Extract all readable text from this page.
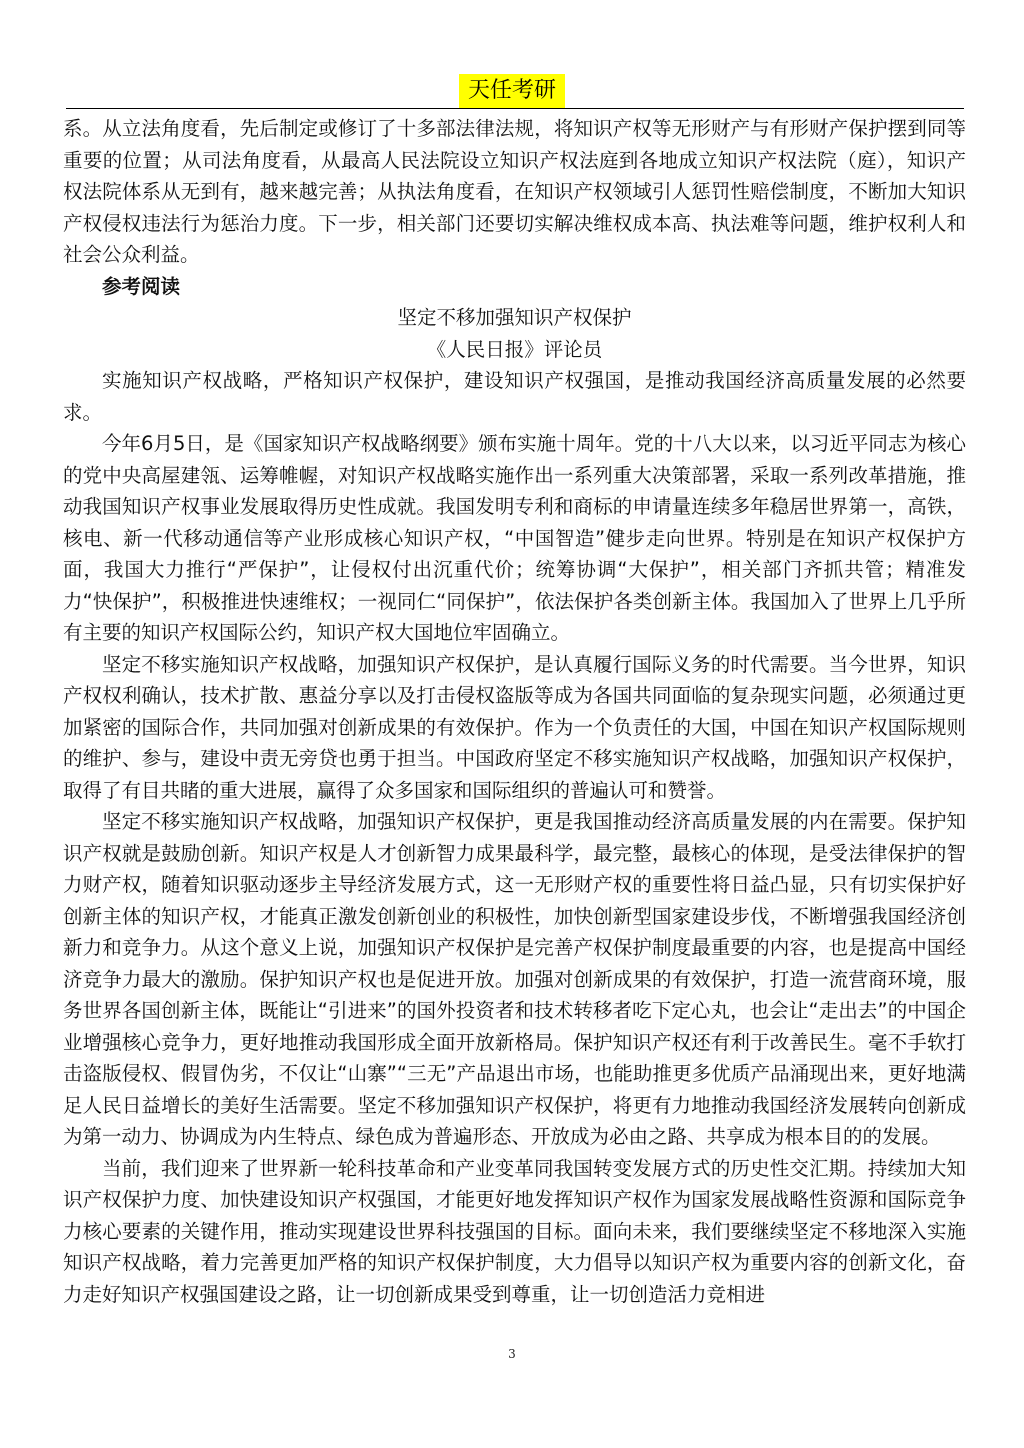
天任考研

系。从立法角度看，先后制定或修订了十多部法律法规，将知识产权等无形财产与有形财产保护摆到同等重要的位置；从司法角度看，从最高人民法院设立知识产权法庭到各地成立知识产权法院（庭），知识产权法院体系从无到有，越来越完善；从执法角度看，在知识产权领域引人惩罚性赔偿制度，不断加大知识产权侵权违法行为惩治力度。下一步，相关部门还要切实解决维权成本高、执法难等问题，维护权利人和社会公众利益。

参考阅读

坚定不移加强知识产权保护

《人民日报》评论员

实施知识产权战略，严格知识产权保护，建设知识产权强国，是推动我国经济高质量发展的必然要求。

今年6月5日，是《国家知识产权战略纲要》颁布实施十周年。党的十八大以来，以习近平同志为核心的党中央高屋建瓴、运筹帷幄，对知识产权战略实施作出一系列重大决策部署，采取一系列改革措施，推动我国知识产权事业发展取得历史性成就。我国发明专利和商标的申请量连续多年稳居世界第一，高铁，核电、新一代移动通信等产业形成核心知识产权，“中国智造”健步走向世界。特别是在知识产权保护方面，我国大力推行“严保护”，让侵权付出沉重代价；统筹协调“大保护”，相关部门齐抓共管；精准发力“快保护”，积极推进快速维权；一视同仁“同保护”，依法保护各类创新主体。我国加入了世界上几乎所有主要的知识产权国际公约，知识产权大国地位牢固确立。

坚定不移实施知识产权战略，加强知识产权保护，是认真履行国际义务的时代需要。当今世界，知识产权权利确认，技术扩散、惠益分享以及打击侵权盗版等成为各国共同面临的复杂现实问题，必须通过更加紧密的国际合作，共同加强对创新成果的有效保护。作为一个负责任的大国，中国在知识产权国际规则的维护、参与，建设中责无旁贷也勇于担当。中国政府坚定不移实施知识产权战略，加强知识产权保护，取得了有目共睹的重大进展，赢得了众多国家和国际组织的普遍认可和赞誉。

坚定不移实施知识产权战略，加强知识产权保护，更是我国推动经济高质量发展的内在需要。保护知识产权就是鼓励创新。知识产权是人才创新智力成果最科学，最完整，最核心的体现，是受法律保护的智力财产权，随着知识驱动逐步主导经济发展方式，这一无形财产权的重要性将日益凸显，只有切实保护好创新主体的知识产权，才能真正激发创新创业的积极性，加快创新型国家建设步伐，不断增强我国经济创新力和竞争力。从这个意义上说，加强知识产权保护是完善产权保护制度最重要的内容，也是提高中国经济竞争力最大的激励。保护知识产权也是促进开放。加强对创新成果的有效保护，打造一流营商环境，服务世界各国创新主体，既能让“引进来”的国外投资者和技术转移者吃下定心丸，也会让“走出去”的中国企业增强核心竞争力，更好地推动我国形成全面开放新格局。保护知识产权还有利于改善民生。毫不手软打击盗版侵权、假冒伪劣，不仅让“山寨”“三无”产品退出市场，也能助推更多优质产品涌现出来，更好地满足人民日益增长的美好生活需要。坚定不移加强知识产权保护，将更有力地推动我国经济发展转向创新成为第一动力、协调成为内生特点、绿色成为普遍形态、开放成为必由之路、共享成为根本目的的发展。

当前，我们迎来了世界新一轮科技革命和产业变革同我国转变发展方式的历史性交汇期。持续加大知识产权保护力度、加快建设知识产权强国，才能更好地发挥知识产权作为国家发展战略性资源和国际竞争力核心要素的关键作用，推动实现建设世界科技强国的目标。面向未来，我们要继续坚定不移地深入实施知识产权战略，着力完善更加严格的知识产权保护制度，大力倡导以知识产权为重要内容的创新文化，奋力走好知识产权强国建设之路，让一切创新成果受到尊重，让一切创造活力竞相进

3
